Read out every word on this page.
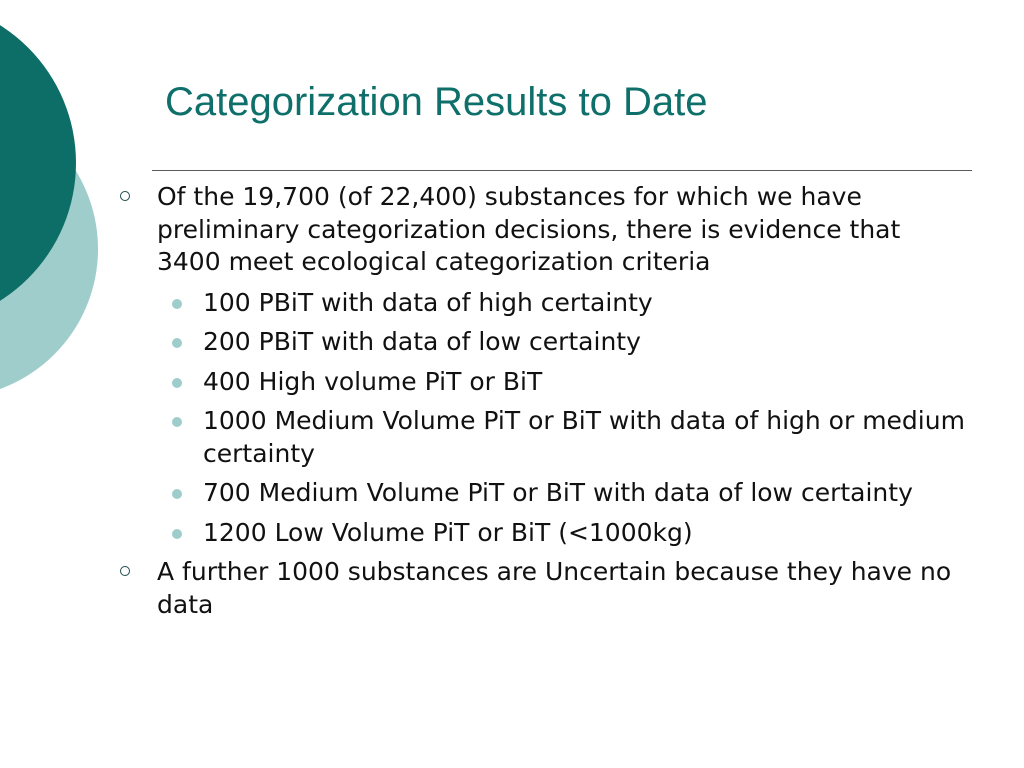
Categorization Results to Date
Of the 19,700 (of 22,400) substances for which we have preliminary categorization decisions, there is evidence that 3400 meet ecological categorization criteria
100 PBiT with data of high certainty
200 PBiT with data of low certainty
400 High volume PiT or BiT
1000 Medium Volume PiT or BiT with data of high or medium certainty
700 Medium Volume PiT or BiT with data of low certainty
1200 Low Volume PiT or BiT (<1000kg)
A further 1000 substances are Uncertain because they have no data
